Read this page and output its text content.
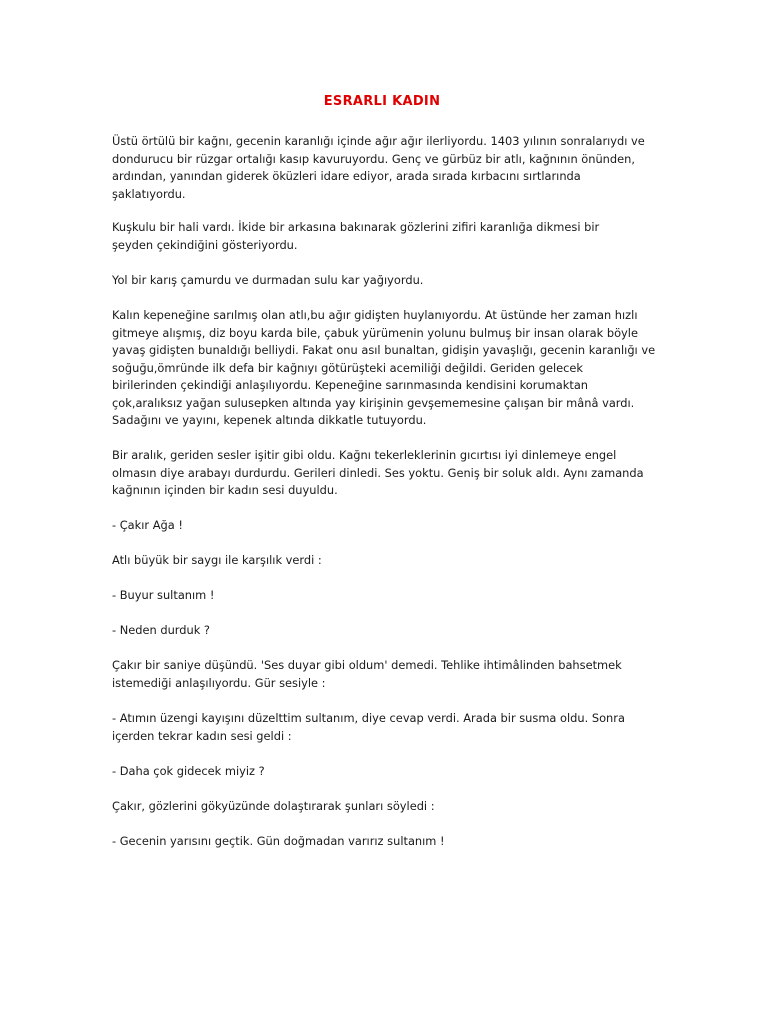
ESRARLI KADIN

Üstü örtülü bir kağnı, gecenin karanlığı içinde ağır ağır ilerliyordu. 1403 yılının sonralarıydı ve
dondurucu bir rüzgar ortalığı kasıp kavuruyordu. Genç ve gürbüz bir atlı, kağnının önünden,
ardından, yanından giderek öküzleri idare ediyor, arada sırada kırbacını sırtlarında
şaklatıyordu.

Kuşkulu bir hali vardı. İkide bir arkasına bakınarak gözlerini zifiri karanlığa dikmesi bir
şeyden çekindiğini gösteriyordu.

Yol bir karış çamurdu ve durmadan sulu kar yağıyordu.

Kalın kepeneğine sarılmış olan atlı,bu ağır gidişten huylanıyordu. At üstünde her zaman hızlı
gitmeye alışmış, diz boyu karda bile, çabuk yürümenin yolunu bulmuş bir insan olarak böyle
yavaş gidişten bunaldığı belliydi. Fakat onu asıl bunaltan, gidişin yavaşlığı, gecenin karanlığı ve
soğuğu,ömründe ilk defa bir kağnıyı götürüşteki acemiliği değildi. Geriden gelecek
birilerinden çekindiği anlaşılıyordu. Kepeneğine sarınmasında kendisini korumaktan
çok,aralıksız yağan sulusepken altında yay kirişinin gevşememesine çalışan bir mânâ vardı.
Sadağını ve yayını, kepenek altında dikkatle tutuyordu.

Bir aralık, geriden sesler işitir gibi oldu. Kağnı tekerleklerinin gıcırtısı iyi dinlemeye engel
olmasın diye arabayı durdurdu. Gerileri dinledi. Ses yoktu. Geniş bir soluk aldı. Aynı zamanda
kağnının içinden bir kadın sesi duyuldu.

- Çakır Ağa !

Atlı büyük bir saygı ile karşılık verdi :

- Buyur sultanım !

- Neden durduk ?

Çakır bir saniye düşündü. 'Ses duyar gibi oldum' demedi. Tehlike ihtimâlinden bahsetmek
istemediği anlaşılıyordu. Gür sesiyle :

- Atımın üzengi kayışını düzelttim sultanım, diye cevap verdi. Arada bir susma oldu. Sonra
içerden tekrar kadın sesi geldi :

- Daha çok gidecek miyiz ?

Çakır, gözlerini gökyüzünde dolaştırarak şunları söyledi :

- Gecenin yarısını geçtik. Gün doğmadan varırız sultanım !
